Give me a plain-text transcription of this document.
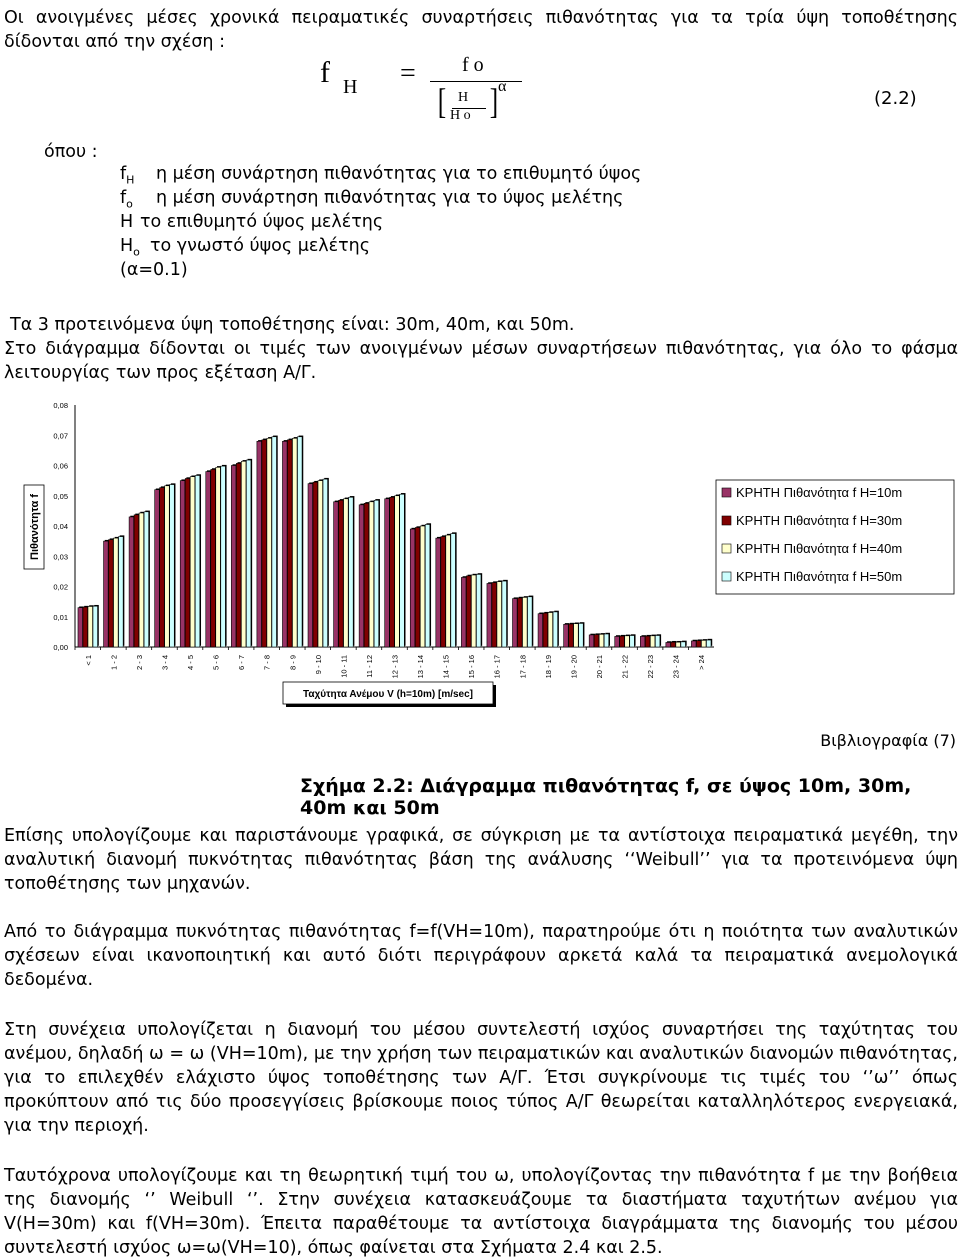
Οι ανοιγμένες μέσες χρονικά πειραματικές συναρτήσεις πιθανότητας για τα τρία ύψη τοποθέτησης δίδονται από την σχέση :

f H = f o
[ H
H o ] α
(2.2)
όπου :
$f_H$ η μέση συνάρτηση πιθανότητας για το επιθυμητό ύψος
$f_o$ η μέση συνάρτηση πιθανότητας για το ύψος μελέτης
H το επιθυμητό ύψος μελέτης
$H_o$ το γνωστό ύψος μελέτης
(α=0.1)

Τα 3 προτεινόμενα ύψη τοποθέτησης είναι: 30m, 40m, και 50m.

Στο διάγραμμα δίδονται οι τιμές των ανοιγμένων μέσων συναρτήσεων πιθανότητας, για όλο το φάσμα λειτουργίας των προς εξέταση Α/Γ.

Πιθανότητα f
0,00
0,01
0,02
0,03
0,04
0,05
0,06
0,07
0,08
< 1 1 - 2 2 - 3 3 - 4 4 - 5 5 - 6 6 - 7 7 - 8 8 - 9 9 - 10 10 - 11 11 - 12 12 - 13 13 - 14 14 - 15 15 - 16 16 - 17 17 - 18 18 - 19 19 - 20 20 - 21 21 - 22 22 - 23 23 - 24 > 24
Ταχύτητα Ανέμου V (h=10m) [m/sec]
ΚΡΗΤΗ Πιθανότητα f H=10m
ΚΡΗΤΗ Πιθανότητα f H=30m
ΚΡΗΤΗ Πιθανότητα f H=40m
ΚΡΗΤΗ Πιθανότητα f H=50m
Βιβλιογραφία (7)
Σχήμα 2.2: Διάγραμμα πιθανότητας f, σε ύψος 10m, 30m, 40m και 50m

Επίσης υπολογίζουμε και παριστάνουμε γραφικά, σε σύγκριση με τα αντίστοιχα πειραματικά μεγέθη, την αναλυτική διανομή πυκνότητας πιθανότητας βάση της ανάλυσης ‘‘Weibull’’ για τα προτεινόμενα ύψη τοποθέτησης των μηχανών.

Από το διάγραμμα πυκνότητας πιθανότητας f=f(VH=10m), παρατηρούμε ότι η ποιότητα των αναλυτικών σχέσεων είναι ικανοποιητική και αυτό διότι περιγράφουν αρκετά καλά τα πειραματικά ανεμολογικά δεδομένα.

Στη συνέχεια υπολογίζεται η διανομή του μέσου συντελεστή ισχύος συναρτήσει της ταχύτητας του ανέμου, δηλαδή ω = ω (VH=10m), με την χρήση των πειραματικών και αναλυτικών διανομών πιθανότητας, για το επιλεχθέν ελάχιστο ύψος τοποθέτησης των Α/Γ. Έτσι συγκρίνουμε τις τιμές του ‘’ω’’ όπως προκύπτουν από τις δύο προσεγγίσεις βρίσκουμε ποιος τύπος Α/Γ θεωρείται καταλληλότερος ενεργειακά, για την περιοχή.

Ταυτόχρονα υπολογίζουμε και τη θεωρητική τιμή του ω, υπολογίζοντας την πιθανότητα f με την βοήθεια της διανομής ‘’ Weibull ‘’. Στην συνέχεια κατασκευάζουμε τα διαστήματα ταχυτήτων ανέμου για V(H=30m) και f(VH=30m). Έπειτα παραθέτουμε τα αντίστοιχα διαγράμματα της διανομής του μέσου συντελεστή ισχύος ω=ω(VH=10), όπως φαίνεται στα Σχήματα 2.4 και 2.5.
